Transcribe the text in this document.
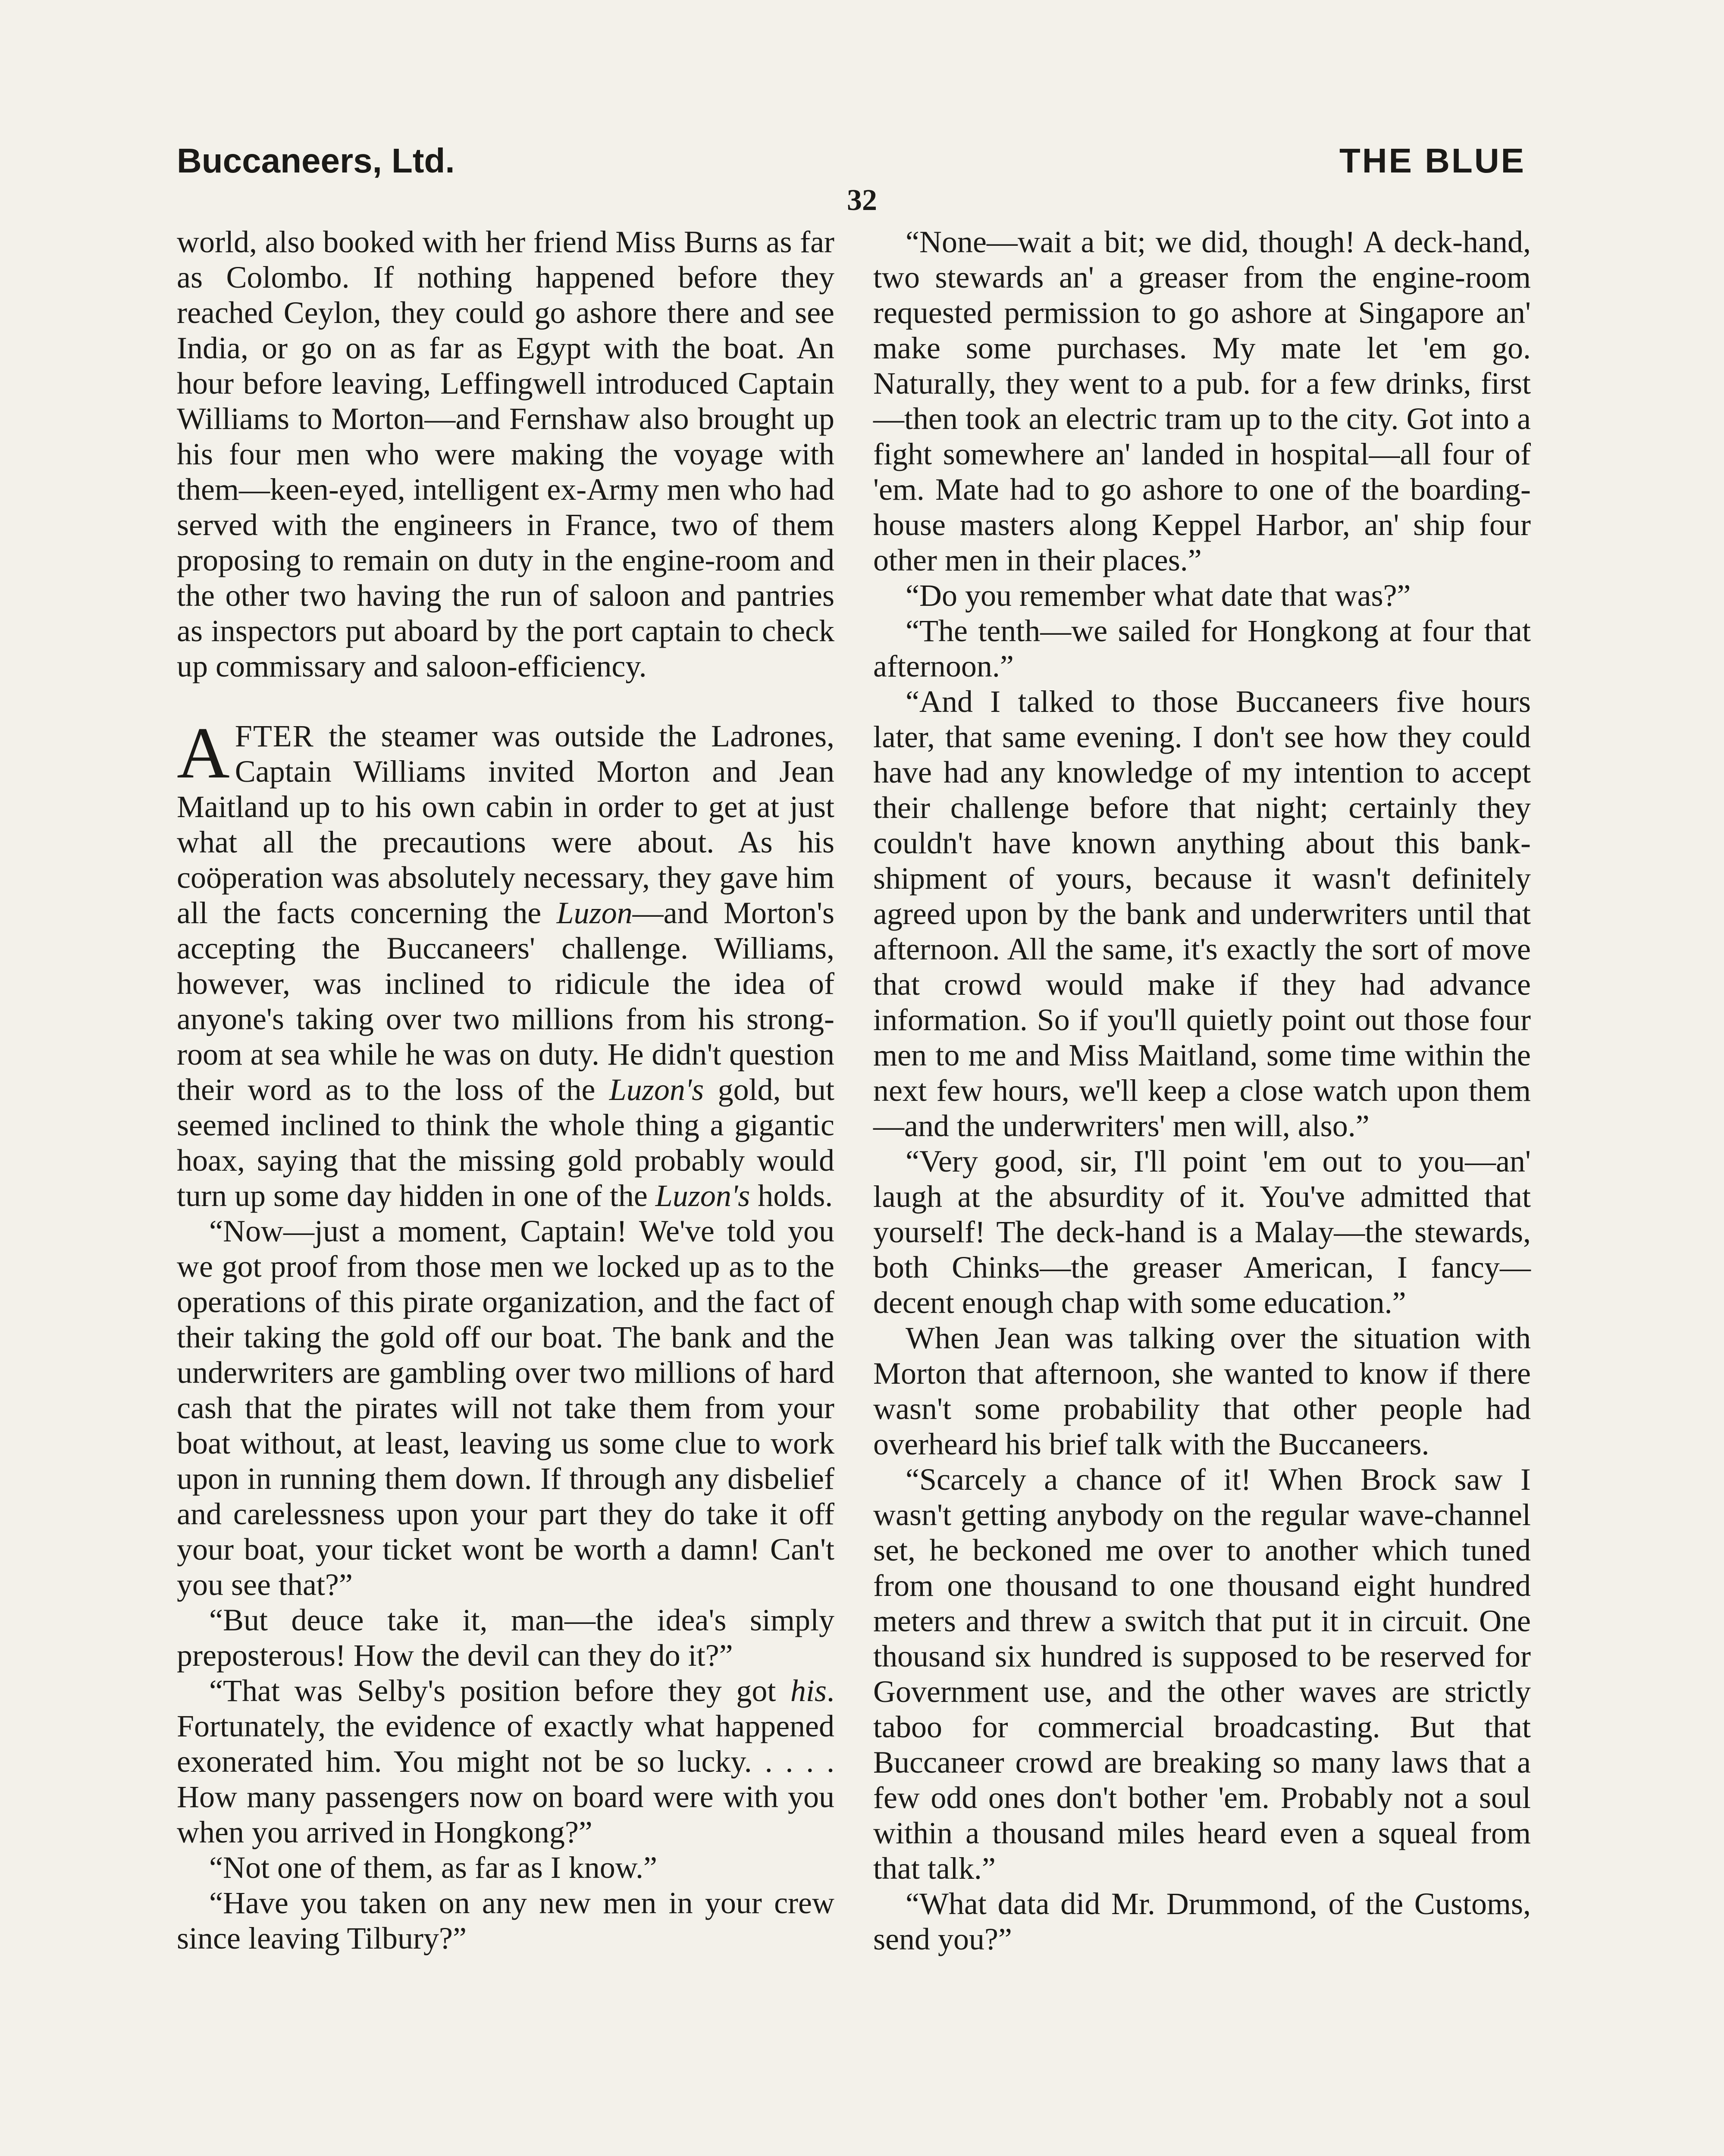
Buccaneers, Ltd.	THE BLUE
32

world, also booked with her friend Miss Burns as far as Colombo. If nothing happened before they reached Ceylon, they could go ashore there and see India, or go on as far as Egypt with the boat. An hour before leaving, Leffingwell introduced Captain Williams to Morton—and Fernshaw also brought up his four men who were making the voyage with them—keen-eyed, intelligent ex-Army men who had served with the engineers in France, two of them proposing to remain on duty in the engine-room and the other two having the run of saloon and pantries as inspectors put aboard by the port captain to check up commissary and saloon-efficiency.

AFTER the steamer was outside the Ladrones, Captain Williams invited Morton and Jean Maitland up to his own cabin in order to get at just what all the precautions were about. As his coöperation was absolutely necessary, they gave him all the facts concerning the Luzon—and Morton's accepting the Buccaneers' challenge. Williams, however, was inclined to ridicule the idea of anyone's taking over two millions from his strong-room at sea while he was on duty. He didn't question their word as to the loss of the Luzon's gold, but seemed inclined to think the whole thing a gigantic hoax, saying that the missing gold probably would turn up some day hidden in one of the Luzon's holds.

“Now—just a moment, Captain! We've told you we got proof from those men we locked up as to the operations of this pirate organization, and the fact of their taking the gold off our boat. The bank and the underwriters are gambling over two millions of hard cash that the pirates will not take them from your boat without, at least, leaving us some clue to work upon in running them down. If through any disbelief and carelessness upon your part they do take it off your boat, your ticket wont be worth a damn! Can't you see that?”

“But deuce take it, man—the idea's simply preposterous! How the devil can they do it?”

“That was Selby's position before they got his. Fortunately, the evidence of exactly what happened exonerated him. You might not be so lucky. . . . . How many passengers now on board were with you when you arrived in Hongkong?”

“Not one of them, as far as I know.”

“Have you taken on any new men in your crew since leaving Tilbury?”

“None—wait a bit; we did, though! A deck-hand, two stewards an' a greaser from the engine-room requested permission to go ashore at Singapore an' make some purchases. My mate let 'em go. Naturally, they went to a pub. for a few drinks, first —then took an electric tram up to the city. Got into a fight somewhere an' landed in hospital—all four of 'em. Mate had to go ashore to one of the boarding-house masters along Keppel Harbor, an' ship four other men in their places.”

“Do you remember what date that was?”

“The tenth—we sailed for Hongkong at four that afternoon.”

“And I talked to those Buccaneers five hours later, that same evening. I don't see how they could have had any knowledge of my intention to accept their challenge before that night; certainly they couldn't have known anything about this bank-shipment of yours, because it wasn't definitely agreed upon by the bank and underwriters until that afternoon. All the same, it's exactly the sort of move that crowd would make if they had advance information. So if you'll quietly point out those four men to me and Miss Maitland, some time within the next few hours, we'll keep a close watch upon them—and the underwriters' men will, also.”

“Very good, sir, I'll point 'em out to you—an' laugh at the absurdity of it. You've admitted that yourself! The deck-hand is a Malay—the stewards, both Chinks—the greaser American, I fancy—decent enough chap with some education.”

When Jean was talking over the situation with Morton that afternoon, she wanted to know if there wasn't some probability that other people had overheard his brief talk with the Buccaneers.

“Scarcely a chance of it! When Brock saw I wasn't getting anybody on the regular wave-channel set, he beckoned me over to another which tuned from one thousand to one thousand eight hundred meters and threw a switch that put it in circuit. One thousand six hundred is supposed to be reserved for Government use, and the other waves are strictly taboo for commercial broadcasting. But that Buccaneer crowd are breaking so many laws that a few odd ones don't bother 'em. Probably not a soul within a thousand miles heard even a squeal from that talk.”

“What data did Mr. Drummond, of the Customs, send you?”
